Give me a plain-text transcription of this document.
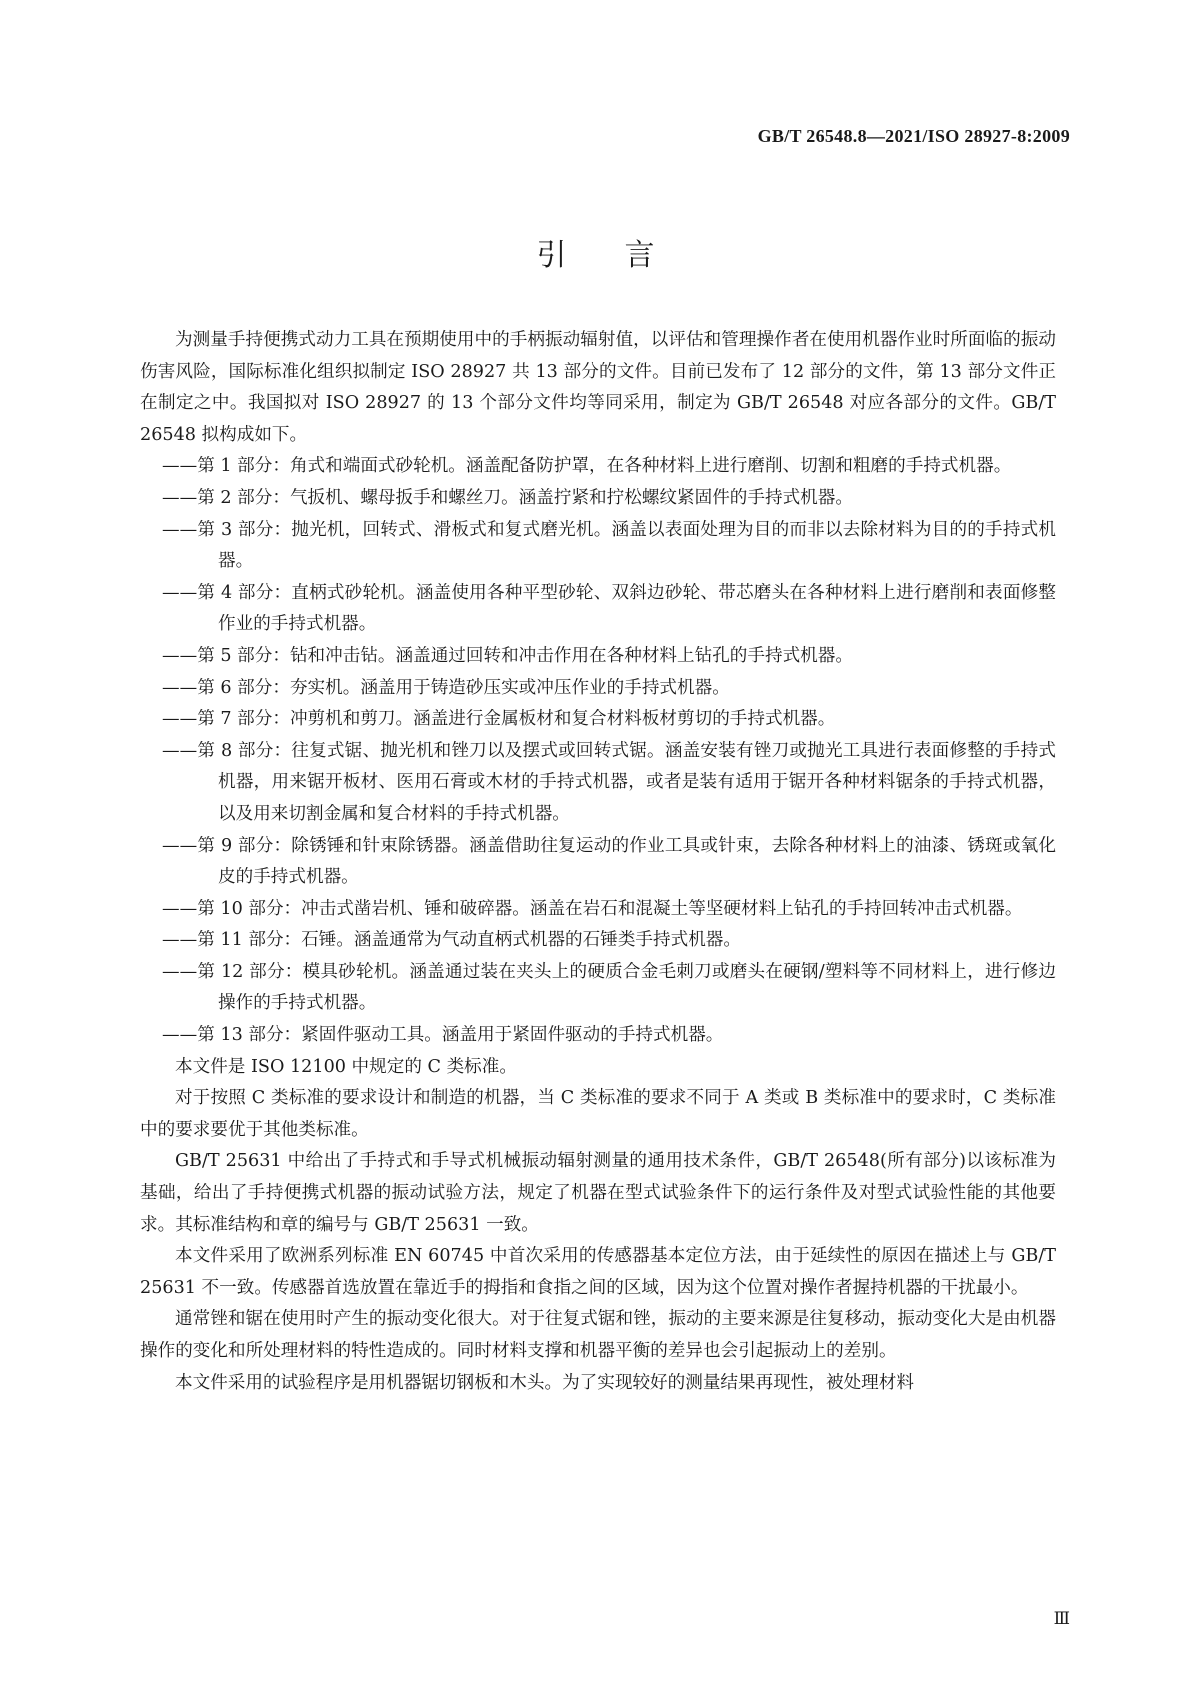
GB/T 26548.8—2021/ISO 28927-8:2009
引言

为测量手持便携式动力工具在预期使用中的手柄振动辐射值，以评估和管理操作者在使用机器作业时所面临的振动伤害风险，国际标准化组织拟制定 ISO 28927 共 13 部分的文件。目前已发布了 12 部分的文件，第 13 部分文件正在制定之中。我国拟对 ISO 28927 的 13 个部分文件均等同采用，制定为 GB/T 26548 对应各部分的文件。GB/T 26548 拟构成如下。

——第 1 部分：角式和端面式砂轮机。涵盖配备防护罩，在各种材料上进行磨削、切割和粗磨的手持式机器。

——第 2 部分：气扳机、螺母扳手和螺丝刀。涵盖拧紧和拧松螺纹紧固件的手持式机器。

——第 3 部分：抛光机，回转式、滑板式和复式磨光机。涵盖以表面处理为目的而非以去除材料为目的的手持式机器。

——第 4 部分：直柄式砂轮机。涵盖使用各种平型砂轮、双斜边砂轮、带芯磨头在各种材料上进行磨削和表面修整作业的手持式机器。

——第 5 部分：钻和冲击钻。涵盖通过回转和冲击作用在各种材料上钻孔的手持式机器。

——第 6 部分：夯实机。涵盖用于铸造砂压实或冲压作业的手持式机器。

——第 7 部分：冲剪机和剪刀。涵盖进行金属板材和复合材料板材剪切的手持式机器。

——第 8 部分：往复式锯、抛光机和锉刀以及摆式或回转式锯。涵盖安装有锉刀或抛光工具进行表面修整的手持式机器，用来锯开板材、医用石膏或木材的手持式机器，或者是装有适用于锯开各种材料锯条的手持式机器，以及用来切割金属和复合材料的手持式机器。

——第 9 部分：除锈锤和针束除锈器。涵盖借助往复运动的作业工具或针束，去除各种材料上的油漆、锈斑或氧化皮的手持式机器。

——第 10 部分：冲击式凿岩机、锤和破碎器。涵盖在岩石和混凝土等坚硬材料上钻孔的手持回转冲击式机器。

——第 11 部分：石锤。涵盖通常为气动直柄式机器的石锤类手持式机器。

——第 12 部分：模具砂轮机。涵盖通过装在夹头上的硬质合金毛刺刀或磨头在硬钢/塑料等不同材料上，进行修边操作的手持式机器。

——第 13 部分：紧固件驱动工具。涵盖用于紧固件驱动的手持式机器。

本文件是 ISO 12100 中规定的 C 类标准。

对于按照 C 类标准的要求设计和制造的机器，当 C 类标准的要求不同于 A 类或 B 类标准中的要求时，C 类标准中的要求要优于其他类标准。

GB/T 25631 中给出了手持式和手导式机械振动辐射测量的通用技术条件，GB/T 26548(所有部分)以该标准为基础，给出了手持便携式机器的振动试验方法，规定了机器在型式试验条件下的运行条件及对型式试验性能的其他要求。其标准结构和章的编号与 GB/T 25631 一致。

本文件采用了欧洲系列标准 EN 60745 中首次采用的传感器基本定位方法，由于延续性的原因在描述上与 GB/T 25631 不一致。传感器首选放置在靠近手的拇指和食指之间的区域，因为这个位置对操作者握持机器的干扰最小。

通常锉和锯在使用时产生的振动变化很大。对于往复式锯和锉，振动的主要来源是往复移动，振动变化大是由机器操作的变化和所处理材料的特性造成的。同时材料支撑和机器平衡的差异也会引起振动上的差别。

本文件采用的试验程序是用机器锯切钢板和木头。为了实现较好的测量结果再现性，被处理材料

Ⅲ
